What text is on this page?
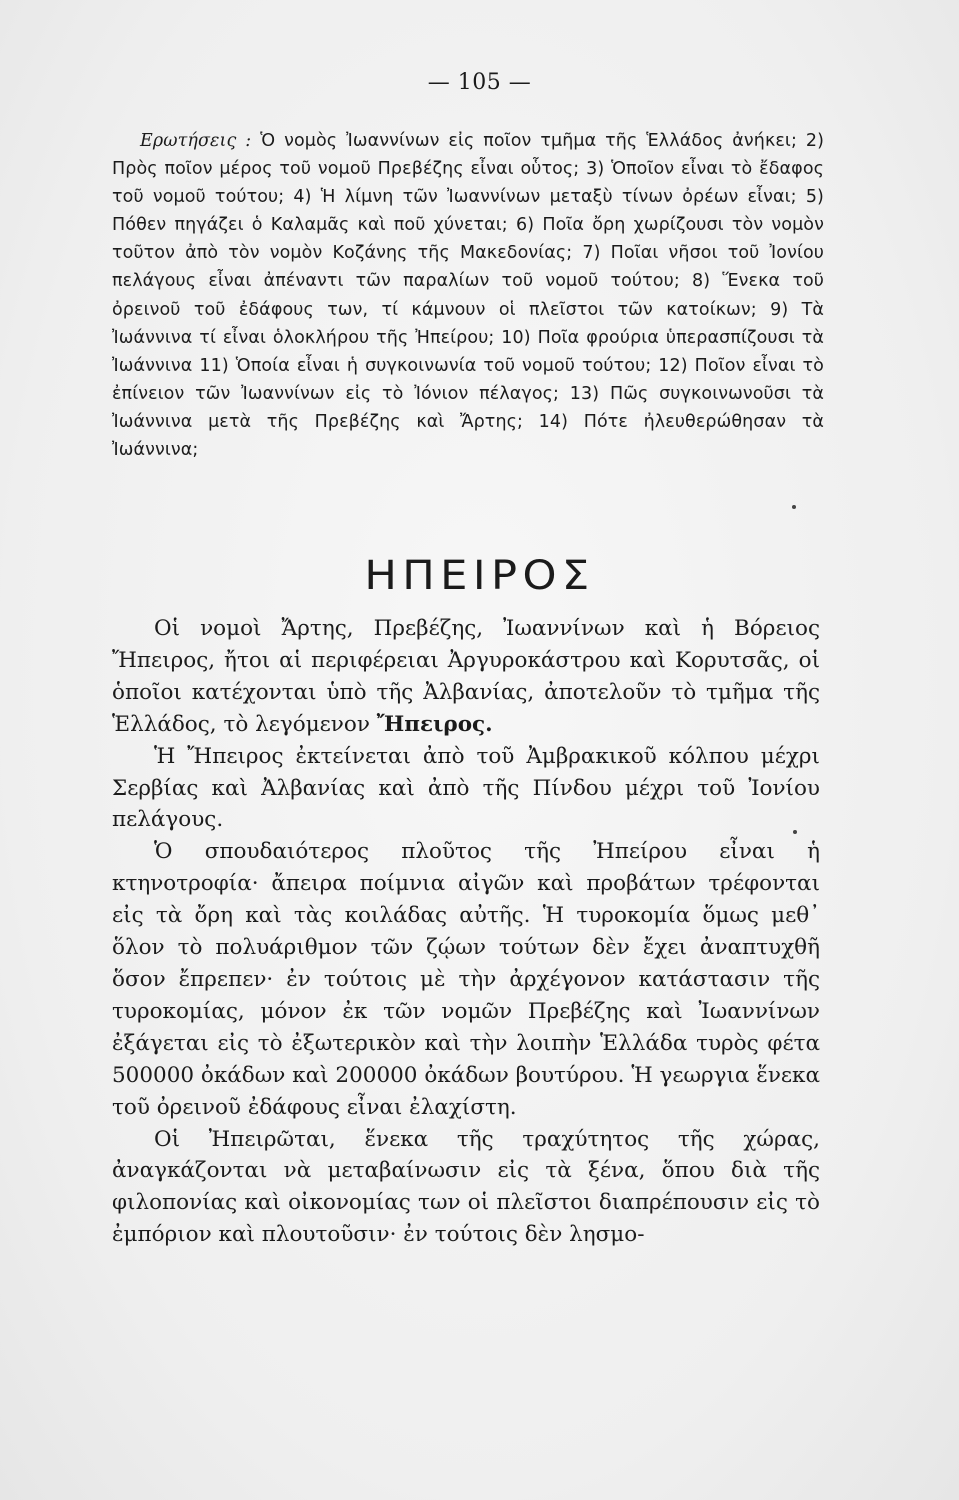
— 105 —

Ερωτήσεις : Ὁ νομὸς Ἰωαννίνων εἰς ποῖον τμῆμα τῆς Ἑλλάδος ἀνήκει; 2) Πρὸς ποῖον μέρος τοῦ νομοῦ Πρεβέζης εἶναι οὗτος; 3) Ὁποῖον εἶναι τὸ ἔδαφος τοῦ νομοῦ τούτου; 4) Ἡ λίμνη τῶν Ἰωαννίνων μεταξὺ τίνων ὀρέων εἶναι; 5) Πόθεν πηγάζει ὁ Καλαμᾶς καὶ ποῦ χύνεται; 6) Ποῖα ὄρη χωρίζουσι τὸν νομὸν τοῦτον ἀπὸ τὸν νομὸν Κοζάνης τῆς Μακεδονίας; 7) Ποῖαι νῆσοι τοῦ Ἰονίου πελάγους εἶναι ἀπέναντι τῶν παραλίων τοῦ νομοῦ τούτου; 8) Ἕνεκα τοῦ ὀρεινοῦ τοῦ ἐδάφους των, τί κάμνουν οἱ πλεῖστοι τῶν κατοίκων; 9) Τὰ Ἰωάννινα τί εἶναι ὁλοκλήρου τῆς Ἠπείρου; 10) Ποῖα φρούρια ὑπερασπίζουσι τὰ Ἰωάννινα 11) Ὁποία εἶναι ἡ συγκοινωνία τοῦ νομοῦ τούτου; 12) Ποῖον εἶναι τὸ ἐπίνειον τῶν Ἰωαννίνων εἰς τὸ Ἰόνιον πέλαγος; 13) Πῶς συγκοινωνοῦσι τὰ Ἰωάννινα μετὰ τῆς Πρεβέζης καὶ Ἄρτης; 14) Πότε ἠλευθερώθησαν τὰ Ἰωάννινα;

ΗΠΕΙΡΟΣ

Οἱ νομοὶ Ἄρτης, Πρεβέζης, Ἰωαννίνων καὶ ἡ Βόρειος Ἤπειρος, ἤτοι αἱ περιφέρειαι Ἀργυροκάστρου καὶ Κορυτσᾶς, οἱ ὁποῖοι κατέχονται ὑπὸ τῆς Ἀλβανίας, ἀποτελοῦν τὸ τμῆμα τῆς Ἑλλάδος, τὸ λεγόμενον Ἤπειρος.

Ἡ Ἤπειρος ἐκτείνεται ἀπὸ τοῦ Ἀμβρακικοῦ κόλπου μέχρι Σερβίας καὶ Ἀλβανίας καὶ ἀπὸ τῆς Πίνδου μέχρι τοῦ Ἰονίου πελάγους.

Ὁ σπουδαιότερος πλοῦτος τῆς Ἠπείρου εἶναι ἡ κτηνοτροφία· ἄπειρα ποίμνια αἰγῶν καὶ προβάτων τρέφονται εἰς τὰ ὄρη καὶ τὰς κοιλάδας αὐτῆς. Ἡ τυροκομία ὅμως μεθ᾽ ὅλον τὸ πολυάριθμον τῶν ζῴων τούτων δὲν ἔχει ἀναπτυχθῆ ὅσον ἔπρεπεν· ἐν τούτοις μὲ τὴν ἀρχέγονον κατάστασιν τῆς τυροκομίας, μόνον ἐκ τῶν νομῶν Πρεβέζης καὶ Ἰωαννίνων ἐξάγεται εἰς τὸ ἐξωτερικὸν καὶ τὴν λοιπὴν Ἑλλάδα τυρὸς φέτα 500000 ὀκάδων καὶ 200000 ὀκάδων βουτύρου. Ἡ γεωργια ἕνεκα τοῦ ὀρεινοῦ ἐδάφους εἶναι ἐλαχίστη.

Οἱ Ἠπειρῶται, ἕνεκα τῆς τραχύτητος τῆς χώρας, ἀναγκάζονται νὰ μεταβαίνωσιν εἰς τὰ ξένα, ὅπου διὰ τῆς φιλοπονίας καὶ οἰκονομίας των οἱ πλεῖστοι διαπρέπουσιν εἰς τὸ ἐμπόριον καὶ πλουτοῦσιν· ἐν τούτοις δὲν λησμο-
